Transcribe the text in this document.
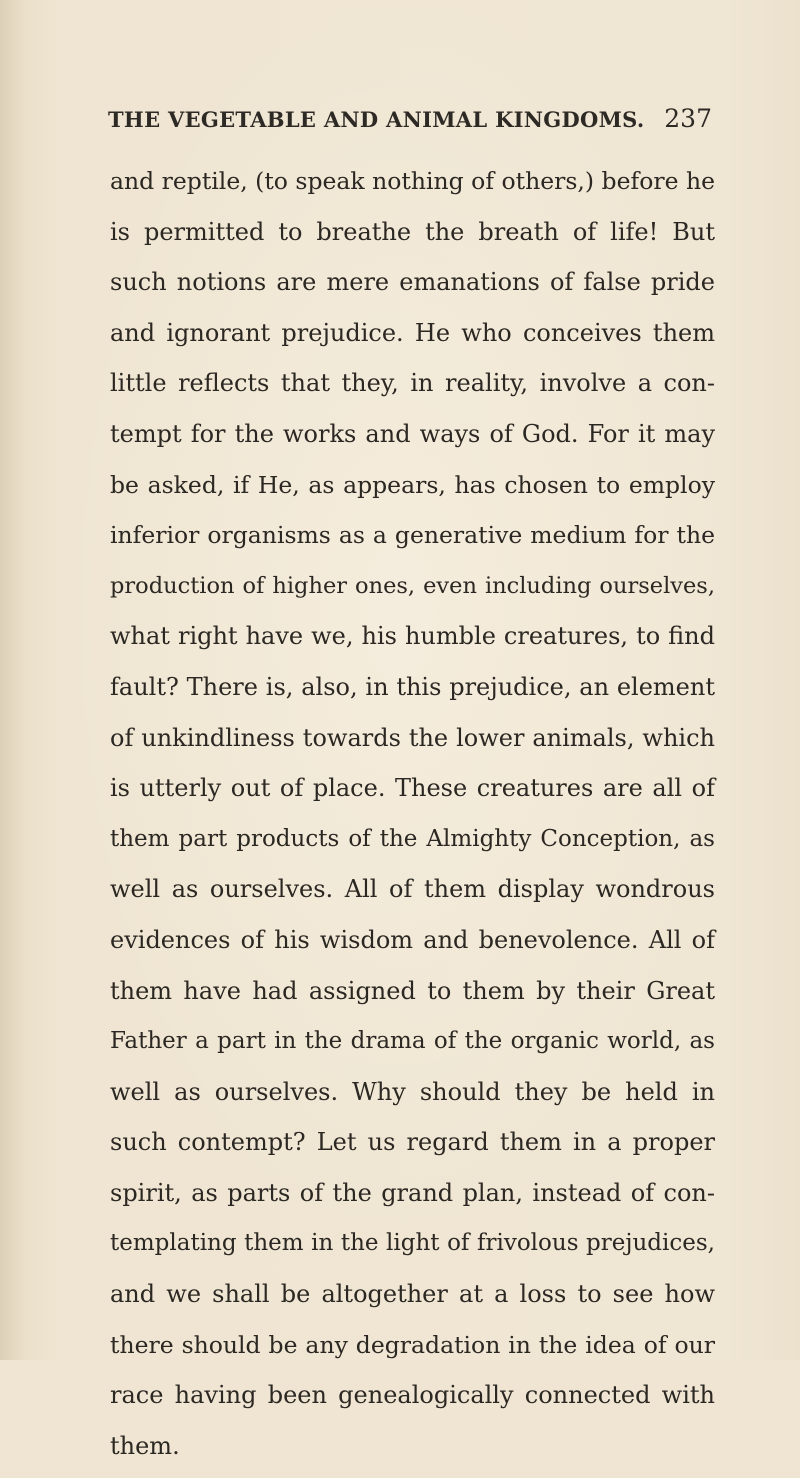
THE VEGETABLE AND ANIMAL KINGDOMS. 237
and reptile, (to speak nothing of others,) before he
is permitted to breathe the breath of life! But
such notions are mere emanations of false pride
and ignorant prejudice. He who conceives them
little reflects that they, in reality, involve a con-
tempt for the works and ways of God. For it may
be asked, if He, as appears, has chosen to employ
inferior organisms as a generative medium for the
production of higher ones, even including ourselves,
what right have we, his humble creatures, to find
fault? There is, also, in this prejudice, an element
of unkindliness towards the lower animals, which
is utterly out of place. These creatures are all of
them part products of the Almighty Conception, as
well as ourselves. All of them display wondrous
evidences of his wisdom and benevolence. All of
them have had assigned to them by their Great
Father a part in the drama of the organic world, as
well as ourselves. Why should they be held in
such contempt? Let us regard them in a proper
spirit, as parts of the grand plan, instead of con-
templating them in the light of frivolous prejudices,
and we shall be altogether at a loss to see how
there should be any degradation in the idea of our
race having been genealogically connected with
them.
